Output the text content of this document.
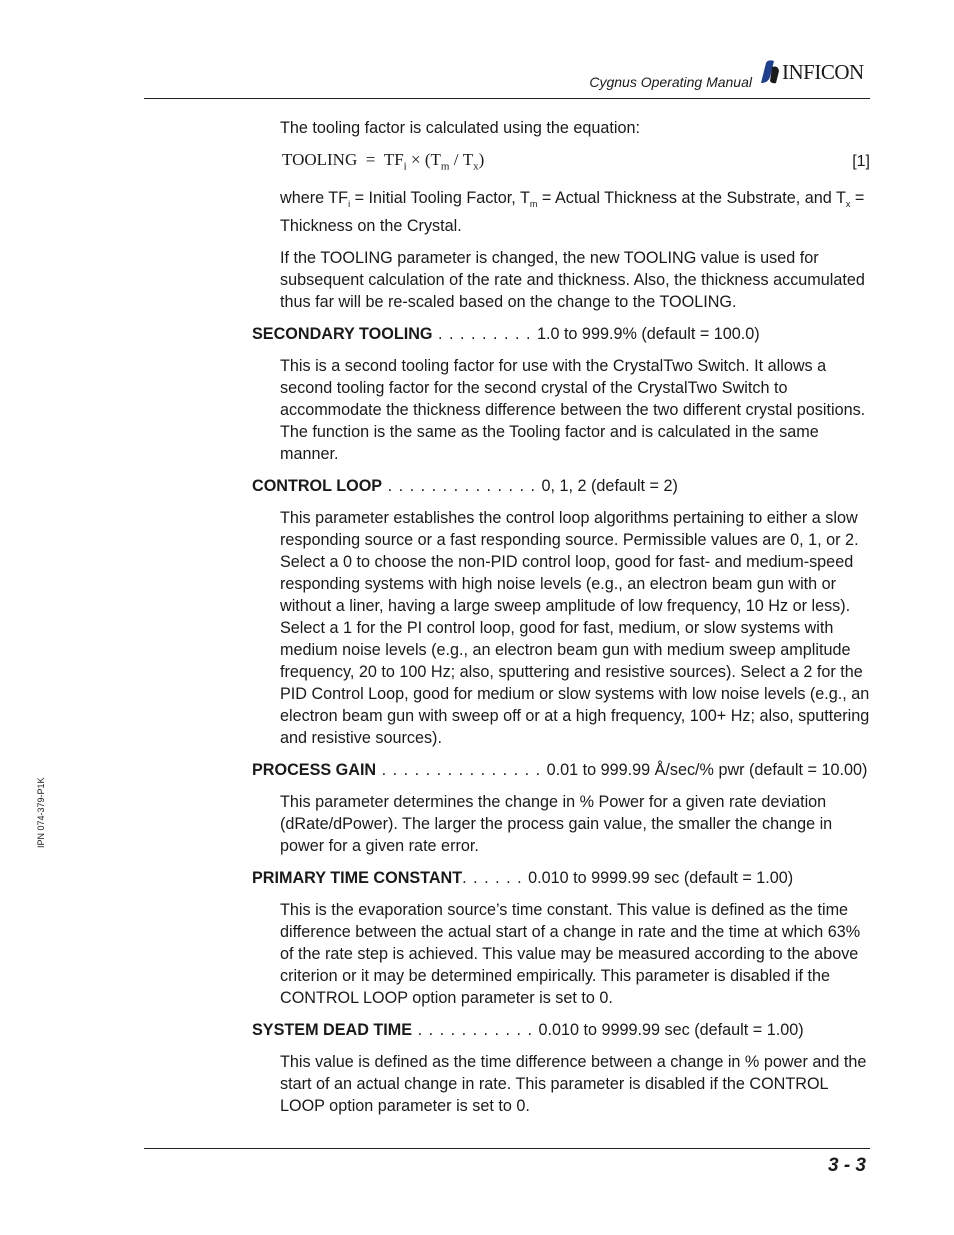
Cygnus Operating Manual INFICON
IPN 074-379-P1K

The tooling factor is calculated using the equation:

TOOLING = $TF_i \times (T_m / T_x)$	[1]

where $TF_i$ = Initial Tooling Factor, $T_m$ = Actual Thickness at the Substrate, and $T_x$ = Thickness on the Crystal.

If the TOOLING parameter is changed, the new TOOLING value is used for subsequent calculation of the rate and thickness. Also, the thickness accumulated thus far will be re-scaled based on the change to the TOOLING.

SECONDARY TOOLING . . . . . . . . . 1.0 to 999.9% (default = 100.0)

This is a second tooling factor for use with the CrystalTwo Switch. It allows a second tooling factor for the second crystal of the CrystalTwo Switch to accommodate the thickness difference between the two different crystal positions. The function is the same as the Tooling factor and is calculated in the same manner.

CONTROL LOOP . . . . . . . . . . . . . . 0, 1, 2 (default = 2)

This parameter establishes the control loop algorithms pertaining to either a slow responding source or a fast responding source. Permissible values are 0, 1, or 2. Select a 0 to choose the non-PID control loop, good for fast- and medium-speed responding systems with high noise levels (e.g., an electron beam gun with or without a liner, having a large sweep amplitude of low frequency, 10 Hz or less). Select a 1 for the PI control loop, good for fast, medium, or slow systems with medium noise levels (e.g., an electron beam gun with medium sweep amplitude frequency, 20 to 100 Hz; also, sputtering and resistive sources). Select a 2 for the PID Control Loop, good for medium or slow systems with low noise levels (e.g., an electron beam gun with sweep off or at a high frequency, 100+ Hz; also, sputtering and resistive sources).

PROCESS GAIN . . . . . . . . . . . . . . . 0.01 to 999.99 Å/sec/% pwr (default = 10.00)

This parameter determines the change in % Power for a given rate deviation (dRate/dPower). The larger the process gain value, the smaller the change in power for a given rate error.

PRIMARY TIME CONSTANT. . . . . . 0.010 to 9999.99 sec (default = 1.00)

This is the evaporation source’s time constant. This value is defined as the time difference between the actual start of a change in rate and the time at which 63% of the rate step is achieved. This value may be measured according to the above criterion or it may be determined empirically. This parameter is disabled if the CONTROL LOOP option parameter is set to 0.

SYSTEM DEAD TIME . . . . . . . . . . . 0.010 to 9999.99 sec (default = 1.00)

This value is defined as the time difference between a change in % power and the start of an actual change in rate. This parameter is disabled if the CONTROL LOOP option parameter is set to 0.

3 - 3
